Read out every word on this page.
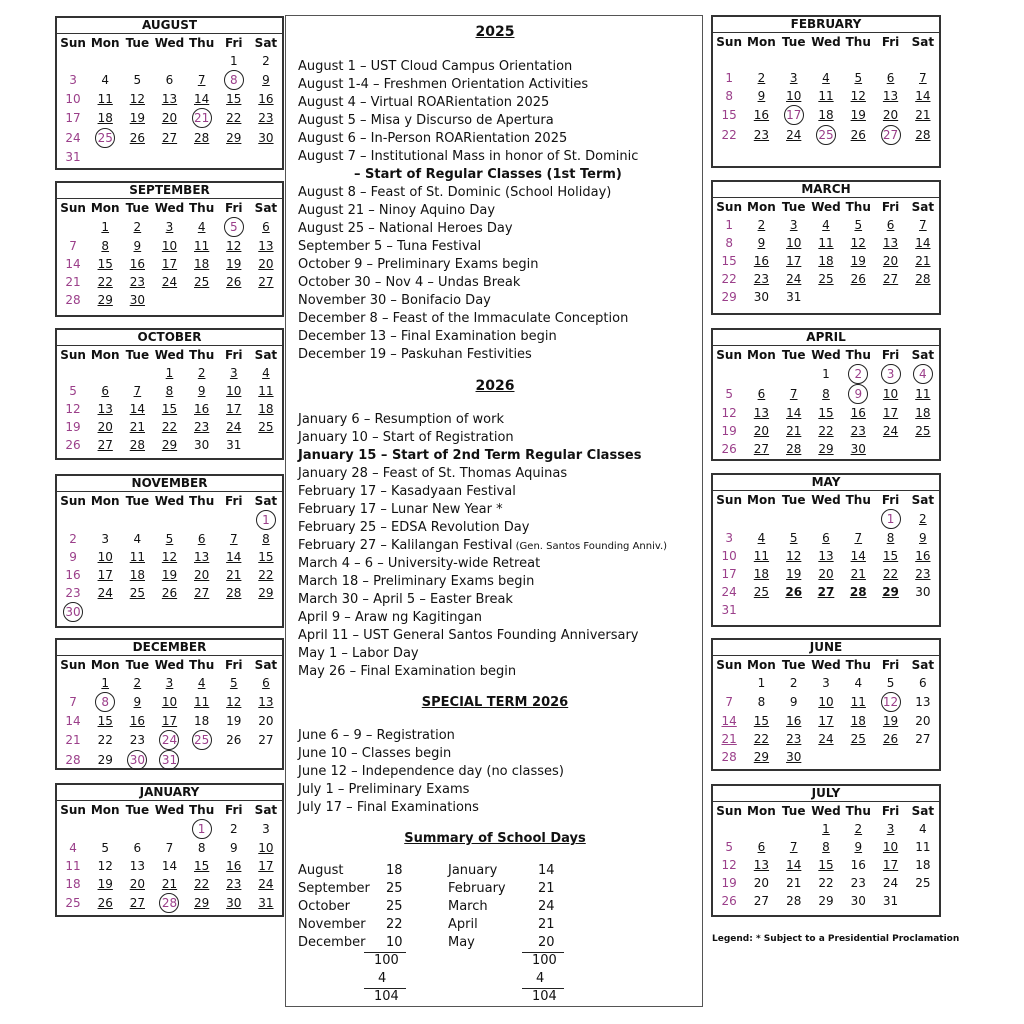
AUGUST
Sun	Mon	Tue	Wed	Thu	Fri	Sat
					1	2
3	4	5	6	7	8	9
10	11	12	13	14	15	16
17	18	19	20	21	22	23
24	25	26	27	28	29	30
31						
SEPTEMBER
Sun	Mon	Tue	Wed	Thu	Fri	Sat
	1	2	3	4	5	6
7	8	9	10	11	12	13
14	15	16	17	18	19	20
21	22	23	24	25	26	27
28	29	30				
OCTOBER
Sun	Mon	Tue	Wed	Thu	Fri	Sat
			1	2	3	4
5	6	7	8	9	10	11
12	13	14	15	16	17	18
19	20	21	22	23	24	25
26	27	28	29	30	31	
NOVEMBER
Sun	Mon	Tue	Wed	Thu	Fri	Sat
						1
2	3	4	5	6	7	8
9	10	11	12	13	14	15
16	17	18	19	20	21	22
23	24	25	26	27	28	29
30						
DECEMBER
Sun	Mon	Tue	Wed	Thu	Fri	Sat
	1	2	3	4	5	6
7	8	9	10	11	12	13
14	15	16	17	18	19	20
21	22	23	24	25	26	27
28	29	30	31			
JANUARY
Sun	Mon	Tue	Wed	Thu	Fri	Sat
				1	2	3
4	5	6	7	8	9	10
11	12	13	14	15	16	17
18	19	20	21	22	23	24
25	26	27	28	29	30	31
FEBRUARY
Sun	Mon	Tue	Wed	Thu	Fri	Sat

1	2	3	4	5	6	7
8	9	10	11	12	13	14
15	16	17	18	19	20	21
22	23	24	25	26	27	28
MARCH
Sun	Mon	Tue	Wed	Thu	Fri	Sat
1	2	3	4	5	6	7
8	9	10	11	12	13	14
15	16	17	18	19	20	21
22	23	24	25	26	27	28
29	30	31				
APRIL
Sun	Mon	Tue	Wed	Thu	Fri	Sat
			1	2	3	4
5	6	7	8	9	10	11
12	13	14	15	16	17	18
19	20	21	22	23	24	25
26	27	28	29	30		
MAY
Sun	Mon	Tue	Wed	Thu	Fri	Sat
					1	2
3	4	5	6	7	8	9
10	11	12	13	14	15	16
17	18	19	20	21	22	23
24	25	26	27	28	29	30
31						
JUNE
Sun	Mon	Tue	Wed	Thu	Fri	Sat
	1	2	3	4	5	6
7	8	9	10	11	12	13
14	15	16	17	18	19	20
21	22	23	24	25	26	27
28	29	30				
JULY
Sun	Mon	Tue	Wed	Thu	Fri	Sat
			1	2	3	4
5	6	7	8	9	10	11
12	13	14	15	16	17	18
19	20	21	22	23	24	25
26	27	28	29	30	31	
2025
August 1 – UST Cloud Campus Orientation
August 1-4 – Freshmen Orientation Activities
August 4 – Virtual ROARientation 2025
August 5 – Misa y Discurso de Apertura
August 6 – In-Person ROARientation 2025
August 7 – Institutional Mass in honor of St. Dominic
– Start of Regular Classes (1st Term)
August 8 – Feast of St. Dominic (School Holiday)
August 21 – Ninoy Aquino Day
August 25 – National Heroes Day
September 5 – Tuna Festival
October 9 – Preliminary Exams begin
October 30 – Nov 4 – Undas Break
November 30 – Bonifacio Day
December 8 – Feast of the Immaculate Conception
December 13 – Final Examination begin
December 19 – Paskuhan Festivities
2026
January 6 – Resumption of work
January 10 – Start of Registration
January 15 – Start of 2nd Term Regular Classes
January 28 – Feast of St. Thomas Aquinas
February 17 – Kasadyaan Festival
February 17 – Lunar New Year *
February 25 – EDSA Revolution Day
February 27 – Kalilangan Festival (Gen. Santos Founding Anniv.)
March 4 – 6 – University-wide Retreat
March 18 – Preliminary Exams begin
March 30 – April 5 – Easter Break
April 9 – Araw ng Kagitingan
April 11 – UST General Santos Founding Anniversary
May 1 – Labor Day
May 26 – Final Examination begin
SPECIAL TERM 2026
June 6 – 9 – Registration
June 10 – Classes begin
June 12 – Independence day (no classes)
July 1 – Preliminary Exams
July 17 – Final Examinations
Summary of School Days
August	18
September 25
October	25
November 22
December 10
January	14
February 21
March	24
April	21
May	20
100
4
104
100
4
104
Legend: * Subject to a Presidential Proclamation
